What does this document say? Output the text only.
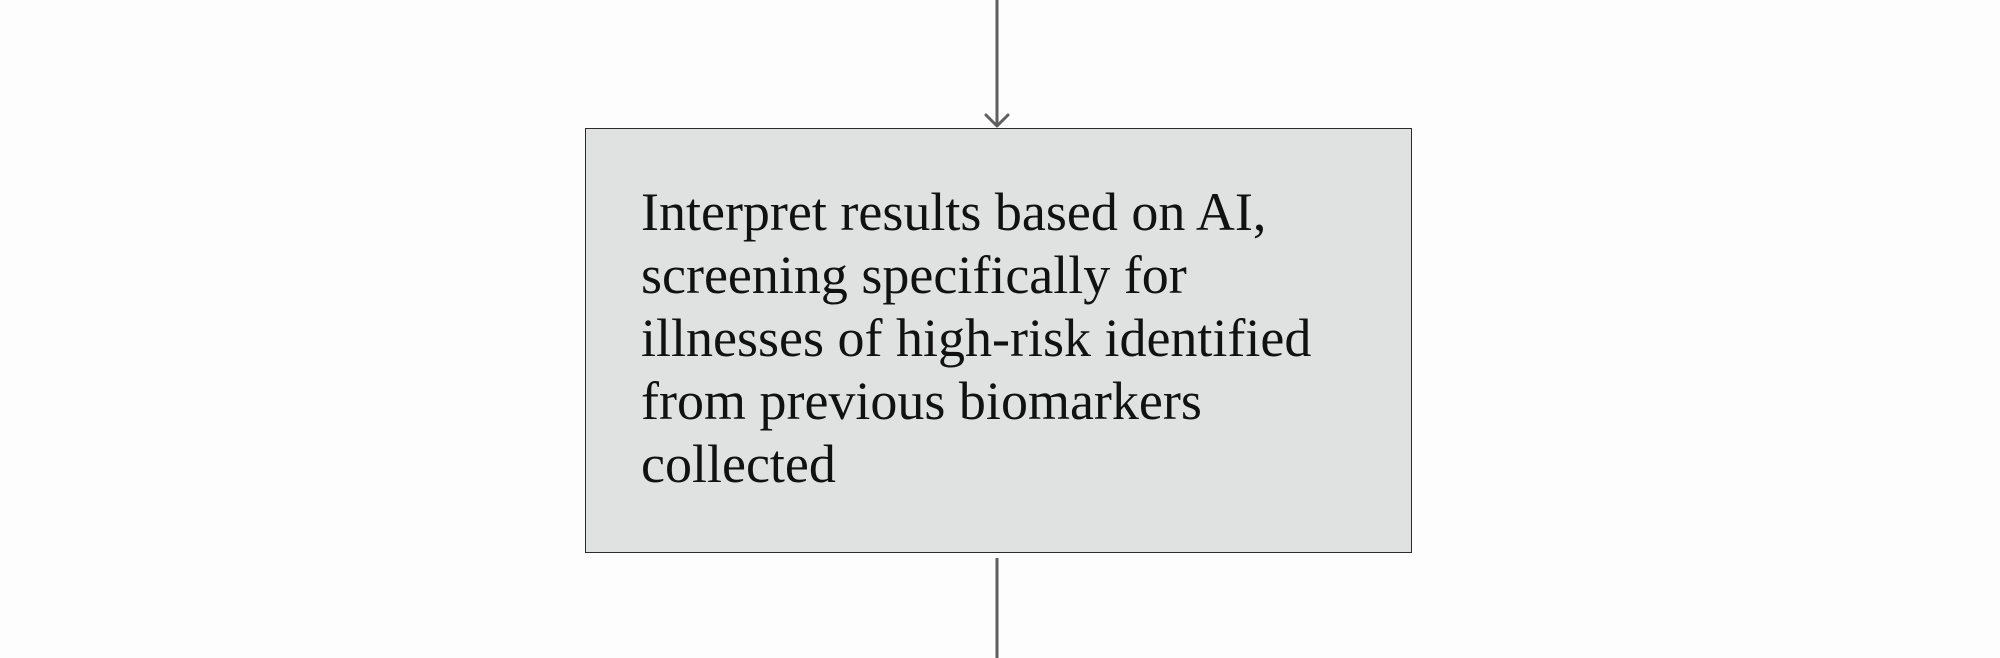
Interpret results based on AI, screening specifically for illnesses of high-risk identified from previous biomarkers collected
